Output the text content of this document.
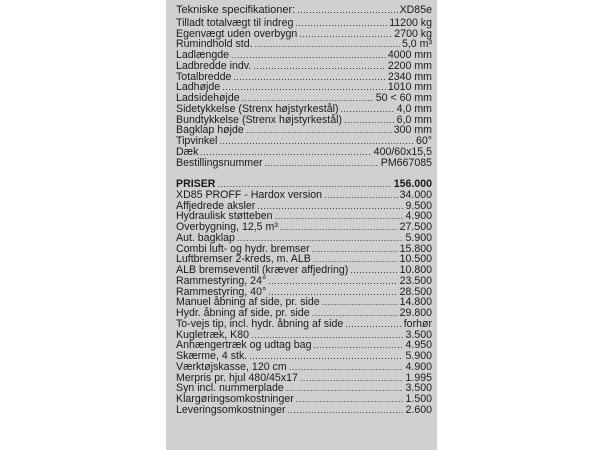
Tekniske specifikationer: .....	XD85e
Tilladt totalvægt til indreg .....	11200 kg
Egenvægt uden overbygn .....	2700 kg
Rumindhold std. .....	5,0 m³
Ladlængde .....	4000 mm
Ladbredde indv. .....	2200 mm
Totalbredde .....	2340 mm
Ladhøjde .....	1010 mm
Ladsidehøjde .....	50 < 60 mm
Sidetykkelse (Strenx højstyrkestål) .....	4,0 mm
Bundtykkelse (Strenx højstyrkestål) .....	6,0 mm
Bagklap højde .....	300 mm
Tipvinkel .....	60°
Dæk .....	400/60x15,5
Bestillingsnummer .....	PM667085
PRISER .....	156.000
XD85 PROFF - Hardox version .....	34.000
Affjedrede aksler .....	9.500
Hydraulisk støtteben .....	4.900
Overbygning, 12,5 m³ .....	27.500
Aut. bagklap .....	5.900
Combi luft- og hydr. bremser .....	15.800
Luftbremser 2-kreds, m. ALB .....	10.500
ALB bremseventil (kræver affjedring) .....	10.800
Rammestyring, 24° .....	23.500
Rammestyring, 40° .....	28.500
Manuel åbning af side, pr. side .....	14.800
Hydr. åbning af side, pr. side .....	29.800
To-vejs tip, incl. hydr. åbning af side .....	forhør
Kugletræk, K80 .....	3.500
Anhængertræk og udtag bag .....	4.950
Skærme, 4 stk. .....	5.900
Værktøjskasse, 120 cm .....	4.900
Merpris pr. hjul 480/45x17 .....	1.995
Syn incl. nummerplade .....	3.500
Klargøringsomkostninger .....	1.500
Leveringsomkostninger .....	2.600
